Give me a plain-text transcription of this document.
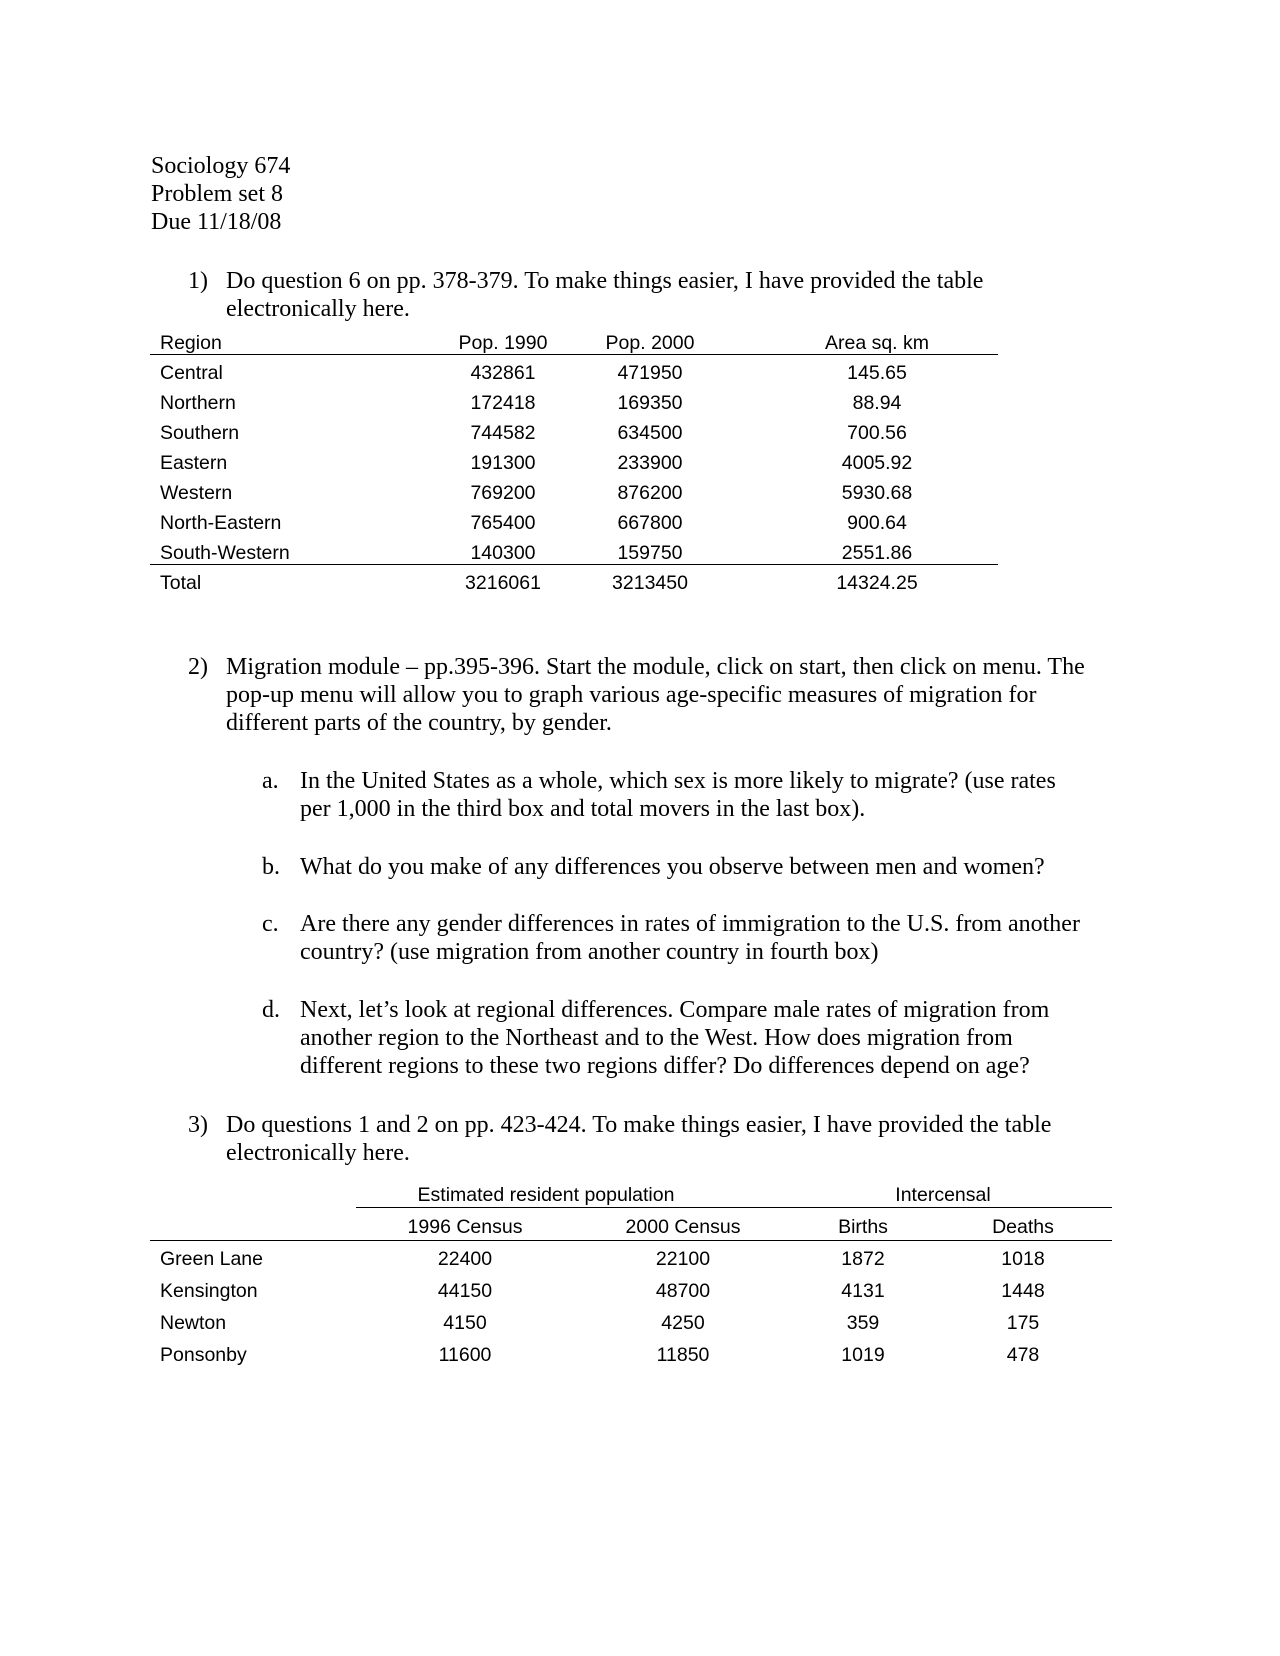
Sociology 674
Problem set 8
Due 11/18/08
1) Do question 6 on pp. 378-379. To make things easier, I have provided the table
electronically here.
Region	Pop. 1990	Pop. 2000	Area sq. km
Central	432861	471950	145.65
Northern	172418	169350	88.94
Southern	744582	634500	700.56
Eastern	191300	233900	4005.92
Western	769200	876200	5930.68
North-Eastern	765400	667800	900.64
South-Western	140300	159750	2551.86
Total	3216061	3213450	14324.25
2) Migration module – pp.395-396. Start the module, click on start, then click on menu. The
pop-up menu will allow you to graph various age-specific measures of migration for
different parts of the country, by gender.
a. In the United States as a whole, which sex is more likely to migrate? (use rates
per 1,000 in the third box and total movers in the last box).
b. What do you make of any differences you observe between men and women?
c. Are there any gender differences in rates of immigration to the U.S. from another
country? (use migration from another country in fourth box)
d. Next, let’s look at regional differences. Compare male rates of migration from
another region to the Northeast and to the West. How does migration from
different regions to these two regions differ? Do differences depend on age?
3) Do questions 1 and 2 on pp. 423-424. To make things easier, I have provided the table
electronically here.
Estimated resident population	Intercensal
1996 Census	2000 Census	Births	Deaths
Green Lane	22400	22100	1872	1018
Kensington	44150	48700	4131	1448
Newton	4150	4250	359	175
Ponsonby	11600	11850	1019	478
